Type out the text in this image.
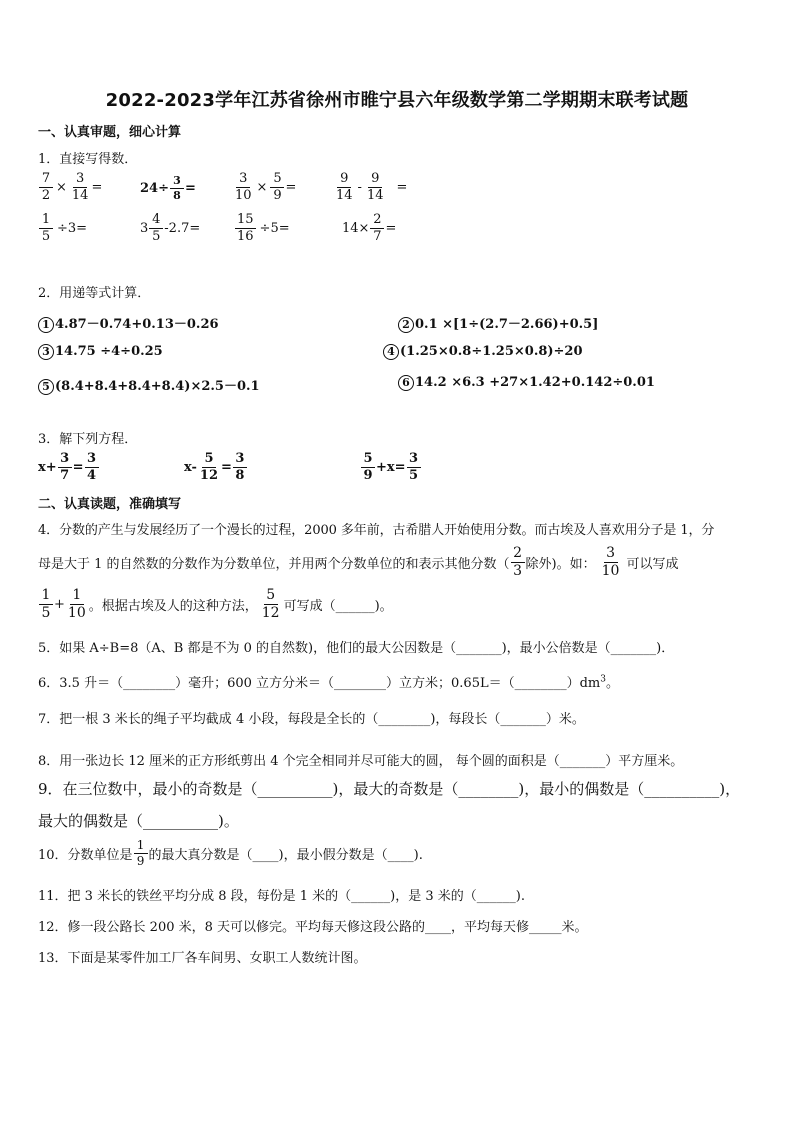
2022-2023学年江苏省徐州市睢宁县六年级数学第二学期期末联考试题
一、认真审题，细心计算
1．直接写得数．
$\frac{7}{2} \times \frac{3}{14}$ =	$24\div \frac{3}{8}$ =	$\frac{3}{10} \times \frac{5}{9}$ =	$\frac{9}{14} - \frac{9}{14}$ =
$\frac{1}{5} \div 3=$	$3 \frac{4}{5} -2.7=$	$\frac{15}{16} \div 5=$	$14\times \frac{2}{7}$ =
2．用递等式计算．
1 4.87－0.74+0.13－0.26	2 0.1 ×[1÷(2.7－2.66)+0.5]
3 14.75 ÷4÷0.25	4 (1.25×0.8÷1.25×0.8)÷20
5 (8.4+8.4+8.4+8.4)×2.5－0.1	6 14.2 ×6.3 +27×1.42+0.142÷0.01
3．解下列方程．
$x+ \frac{3}{7} = \frac{3}{4}$	$x- \frac{5}{12} = \frac{3}{8}$	$\frac{5}{9} +x= \frac{3}{5}$
二、认真读题，准确填写
4．分数的产生与发展经历了一个漫长的过程，2000 多年前，古希腊人开始使用分数。而古埃及人喜欢用分子是 1，分
母是大于 1 的自然数的分数作为分数单位，并用两个分数单位的和表示其他分数（ $\frac{2}{3}$ 除外)。如： $\frac{3}{10}$ 可以写成
$\frac{1}{5} + \frac{1}{10}$ 。根据古埃及人的这种方法， $\frac{5}{12}$ 可写成（______)。
5．如果 A÷B=8（A、B 都是不为 0 的自然数)，他们的最大公因数是（_______)，最小公倍数是（_______)．
6．3.5 升＝（________）毫升；600 立方分米＝（________）立方米；$0.65L=(\_\_\_\_\_\_\_\_)dm^3$。
7．把一根 3 米长的绳子平均截成 4 小段，每段是全长的（________)，每段长（_______）米。
8．用一张边长 12 厘米的正方形纸剪出 4 个完全相同并尽可能大的圆， 每个圆的面积是（_______）平方厘米。
9．在三位数中，最小的奇数是（__________)，最大的奇数是（________)，最小的偶数是（__________)，
最大的偶数是（__________)。
10．分数单位是 $\frac{1}{9}$ 的最大真分数是（____)，最小假分数是（____).
11．把 3 米长的铁丝平均分成 8 段，每份是 1 米的（______)，是 3 米的（______).
12．修一段公路长 200 米，8 天可以修完。平均每天修这段公路的____，平均每天修_____米。
13．下面是某零件加工厂各车间男、女职工人数统计图。
